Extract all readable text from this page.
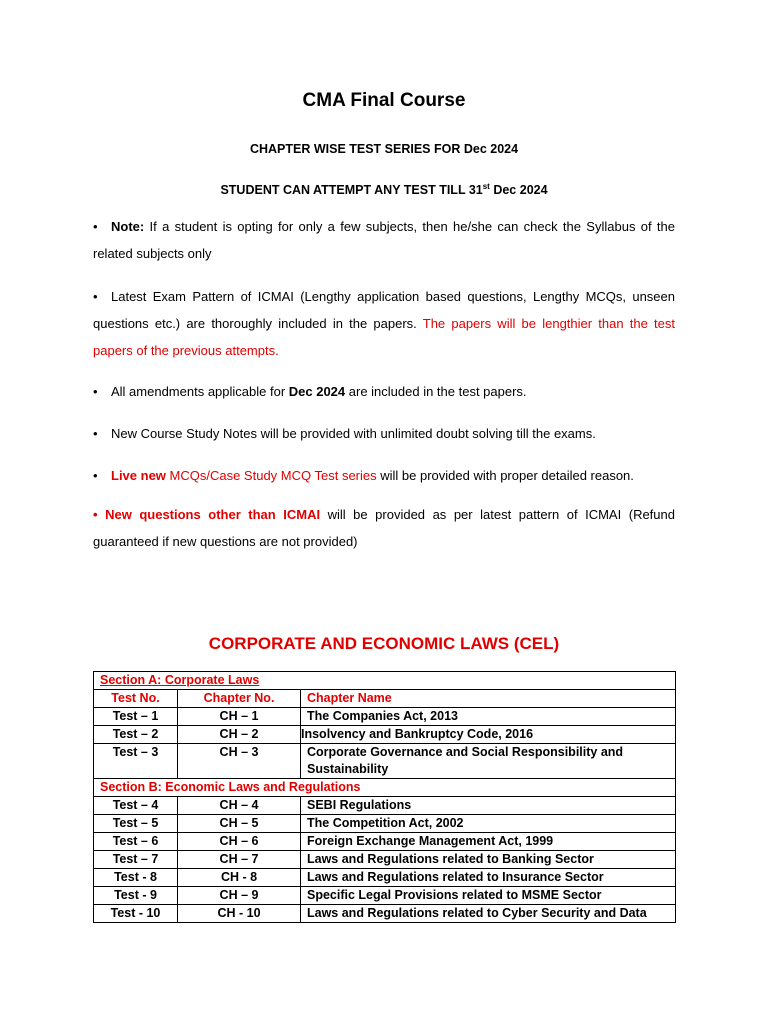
CMA Final Course
CHAPTER WISE TEST SERIES FOR Dec 2024
STUDENT CAN ATTEMPT ANY TEST TILL 31st Dec 2024
• Note: If a student is opting for only a few subjects, then he/she can check the Syllabus of the related subjects only
• Latest Exam Pattern of ICMAI (Lengthy application based questions, Lengthy MCQs, unseen questions etc.) are thoroughly included in the papers. The papers will be lengthier than the test papers of the previous attempts.
• All amendments applicable for Dec 2024 are included in the test papers.
• New Course Study Notes will be provided with unlimited doubt solving till the exams.
• Live new MCQs/Case Study MCQ Test series will be provided with proper detailed reason.
• New questions other than ICMAI will be provided as per latest pattern of ICMAI (Refund guaranteed if new questions are not provided)
CORPORATE AND ECONOMIC LAWS (CEL)
Section A: Corporate Laws		
Test No.	Chapter No.	Chapter Name
Test – 1	CH – 1	The Companies Act, 2013
Test – 2	CH – 2	Insolvency and Bankruptcy Code, 2016
Test – 3	CH – 3	Corporate Governance and Social Responsibility and Sustainability
Section B: Economic Laws and Regulations		
Test – 4	CH – 4	SEBI Regulations
Test – 5	CH – 5	The Competition Act, 2002
Test – 6	CH – 6	Foreign Exchange Management Act, 1999
Test – 7	CH – 7	Laws and Regulations related to Banking Sector
Test - 8	CH - 8	Laws and Regulations related to Insurance Sector
Test - 9	CH – 9	Specific Legal Provisions related to MSME Sector
Test - 10	CH - 10	Laws and Regulations related to Cyber Security and Data
